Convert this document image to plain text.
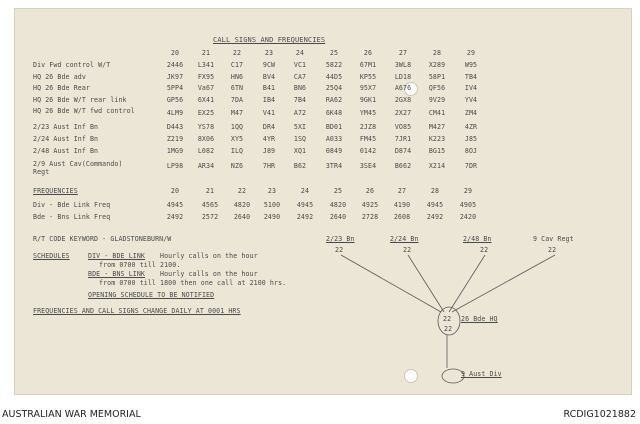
CALL SIGNS AND FREQUENCIES
20	21	22	23	24	25	26	27	28	29
Div Fwd control W/T	2446	L341	C17	9CW	VC1	5822	67M1	3WL8	X289	W95
HQ 26 Bde adv	JK97	FX95	HN6	BV4	CA7	44D5	KP55	LD18	58P1	TB4
HQ 26 Bde Rear	5PP4	Va67	6TN	B41	BN6	25Q4	95X7	A676	QF56	IV4
HQ 26 Bde W/T rear link	GP56	6X41	7DA	IB4	7B4	RA62	9GK1	2GX8	9V29	YV4
HQ 26 Bde W/T fwd control	4LM9	EX25	M47	V41	A72	6K48	YM45	2X27	CM41	ZM4
2/23 Aust Inf Bn	D443	YS78	1QQ	DR4	5XI	BD01	2JZ8	VO85	M427	4ZR
2/24 Aust Inf Bn	Z219	8X06	XY5	4YR	1SQ	A033	FM45	7JR1	K223	J85
2/48 Aust Inf Bn	1MG9	L082	ILQ	J89	XQ1	0849	0142	D874	BG15	8OJ
2/9 Aust Cav(Commando) Regt
LP98	AR34	NZ6	7HR	B62	3TR4	3SE4	B662	X214	7DR
FREQUENCIES	20	21	22	23	24	25	26	27	28	29
Div - Bde Link Freq	4945	4565	4820	5100	4945	4820	4925	4190	4945	4905
Bde - Bns Link Freq	2492	2572	2640	2490	2492	2640	2728	2608	2492	2420
R/T CODE KEYWORD - GLADSTONEBURN/W
SCHEDULES	DIV - BDE LINK Hourly calls on the hour
from 0700 till 2100.
BDE - BNS LINK Hourly calls on the hour
from 0700 till 1800 then one call at 2100 hrs.
OPENING SCHEDULE TO BE NOTIFIED
FREQUENCIES AND CALL SIGNS CHANGE DAILY AT 0001 HRS
2/23 Bn
22
2/24 Bn
22
2/48 Bn
22
9 Cav Regt
22
22 26 Bde HQ
22
9 Aust Div
AUSTRALIAN WAR MEMORIAL	RCDIG1021882
